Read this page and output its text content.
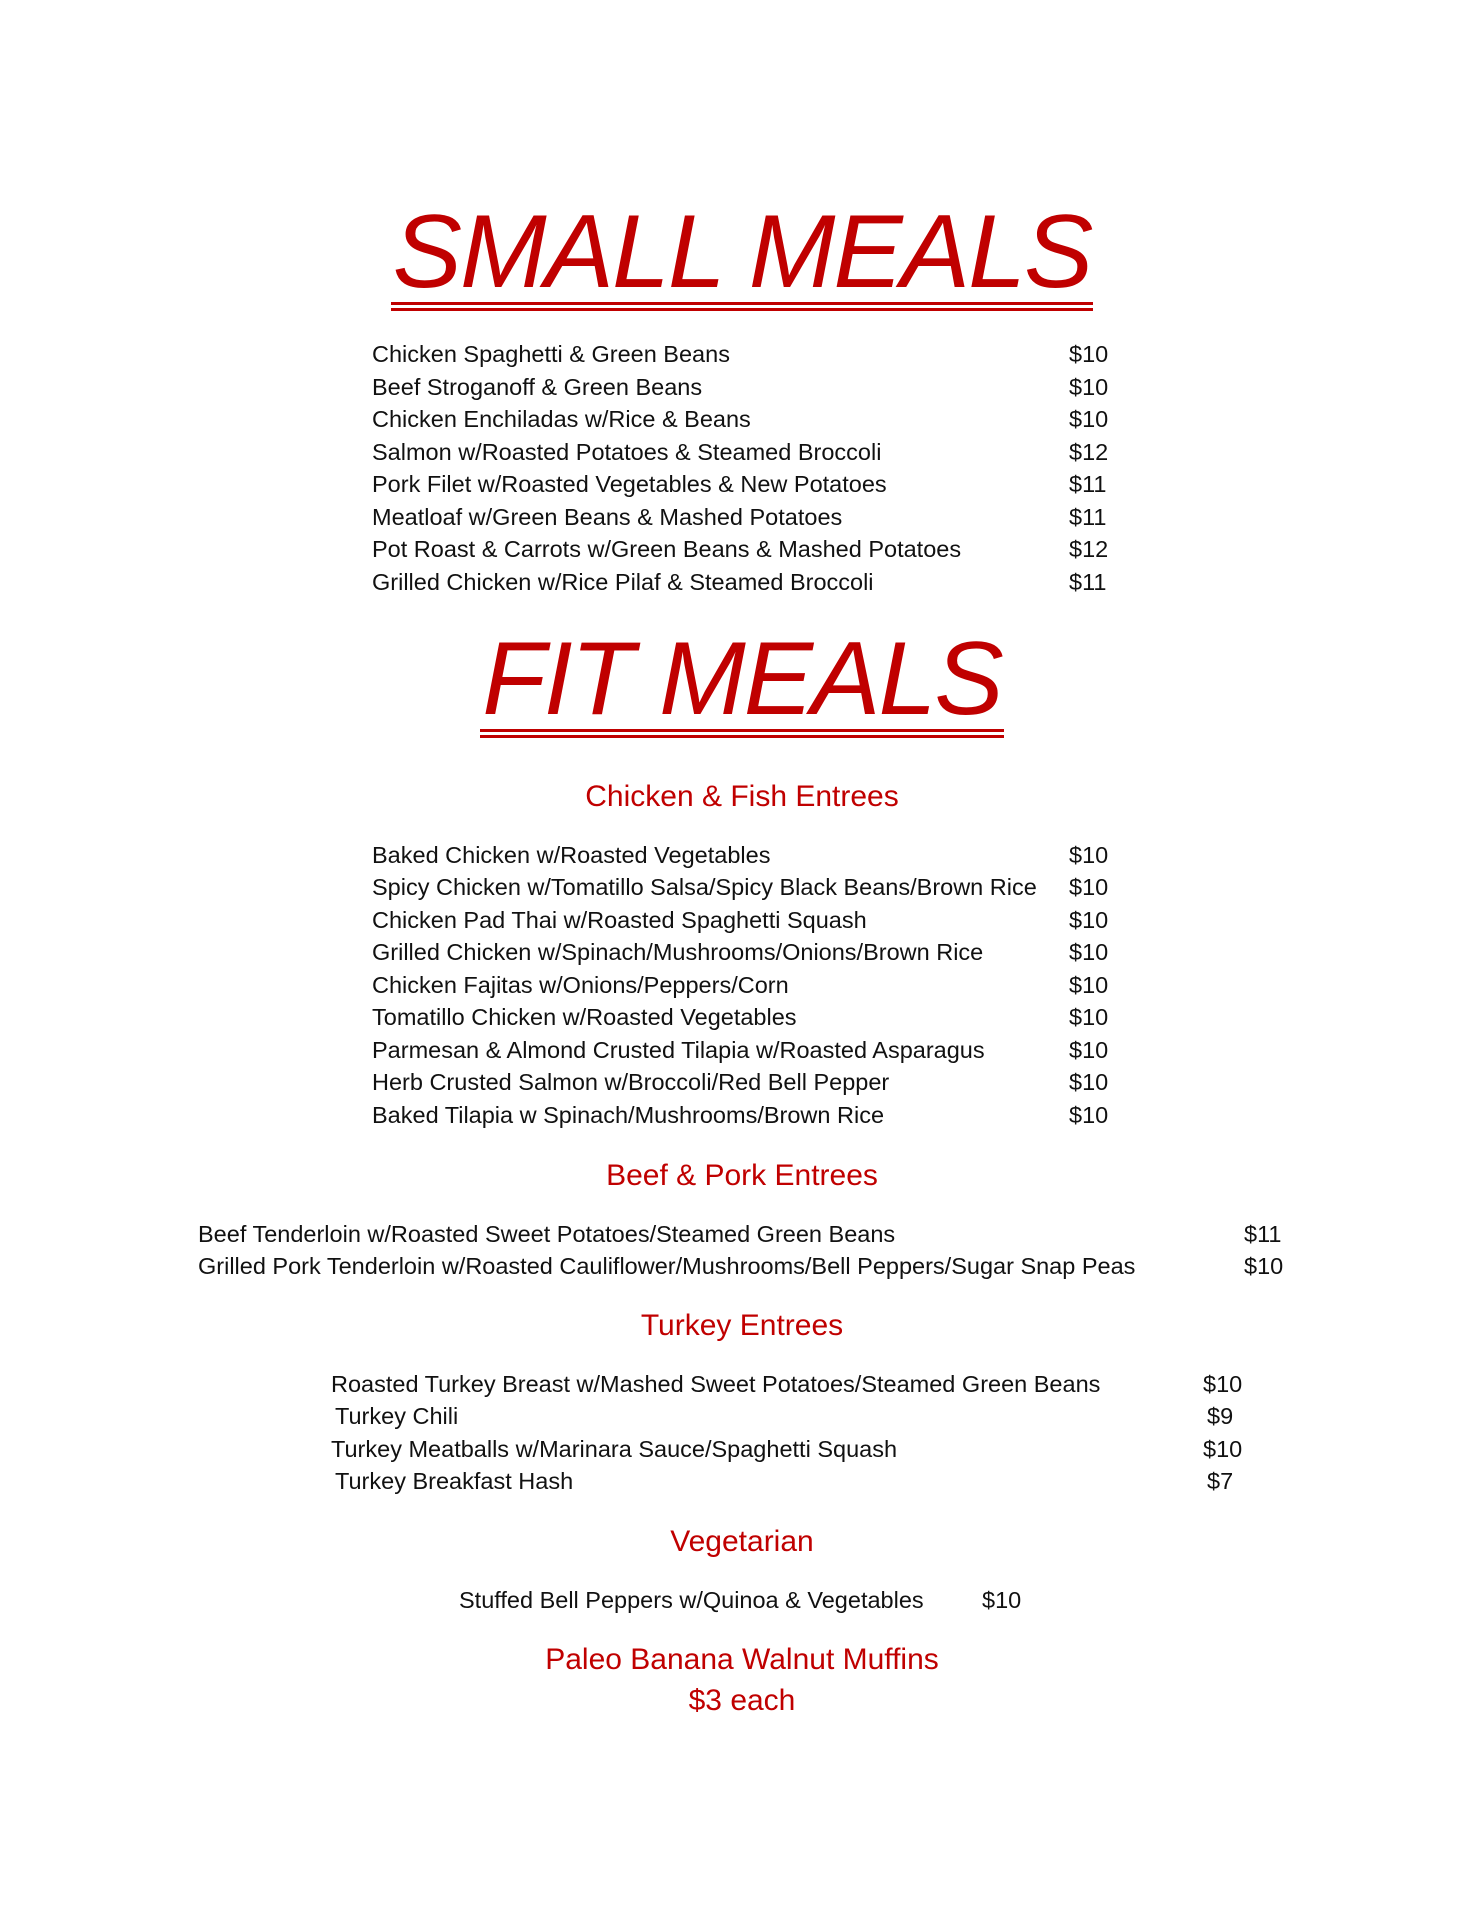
SMALL MEALS
Chicken Spaghetti & Green Beans	$10
Beef Stroganoff & Green Beans	$10
Chicken Enchiladas w/Rice & Beans	$10
Salmon w/Roasted Potatoes & Steamed Broccoli	$12
Pork Filet w/Roasted Vegetables & New Potatoes	$11
Meatloaf w/Green Beans & Mashed Potatoes	$11
Pot Roast & Carrots w/Green Beans & Mashed Potatoes	$12
Grilled Chicken w/Rice Pilaf & Steamed Broccoli	$11
FIT MEALS
Chicken & Fish Entrees
Baked Chicken w/Roasted Vegetables	$10
Spicy Chicken w/Tomatillo Salsa/Spicy Black Beans/Brown Rice $10
Chicken Pad Thai w/Roasted Spaghetti Squash	$10
Grilled Chicken w/Spinach/Mushrooms/Onions/Brown Rice	$10
Chicken Fajitas w/Onions/Peppers/Corn	$10
Tomatillo Chicken w/Roasted Vegetables	$10
Parmesan & Almond Crusted Tilapia w/Roasted Asparagus	$10
Herb Crusted Salmon w/Broccoli/Red Bell Pepper	$10
Baked Tilapia w Spinach/Mushrooms/Brown Rice	$10
Beef & Pork Entrees
Beef Tenderloin w/Roasted Sweet Potatoes/Steamed Green Beans	$11
Grilled Pork Tenderloin w/Roasted Cauliflower/Mushrooms/Bell Peppers/Sugar Snap Peas	$10
Turkey Entrees
Roasted Turkey Breast w/Mashed Sweet Potatoes/Steamed Green Beans	$10
Turkey Chili	$9
Turkey Meatballs w/Marinara Sauce/Spaghetti Squash	$10
Turkey Breakfast Hash	$7
Vegetarian
Stuffed Bell Peppers w/Quinoa & Vegetables $10
Paleo Banana Walnut Muffins
$3 each
